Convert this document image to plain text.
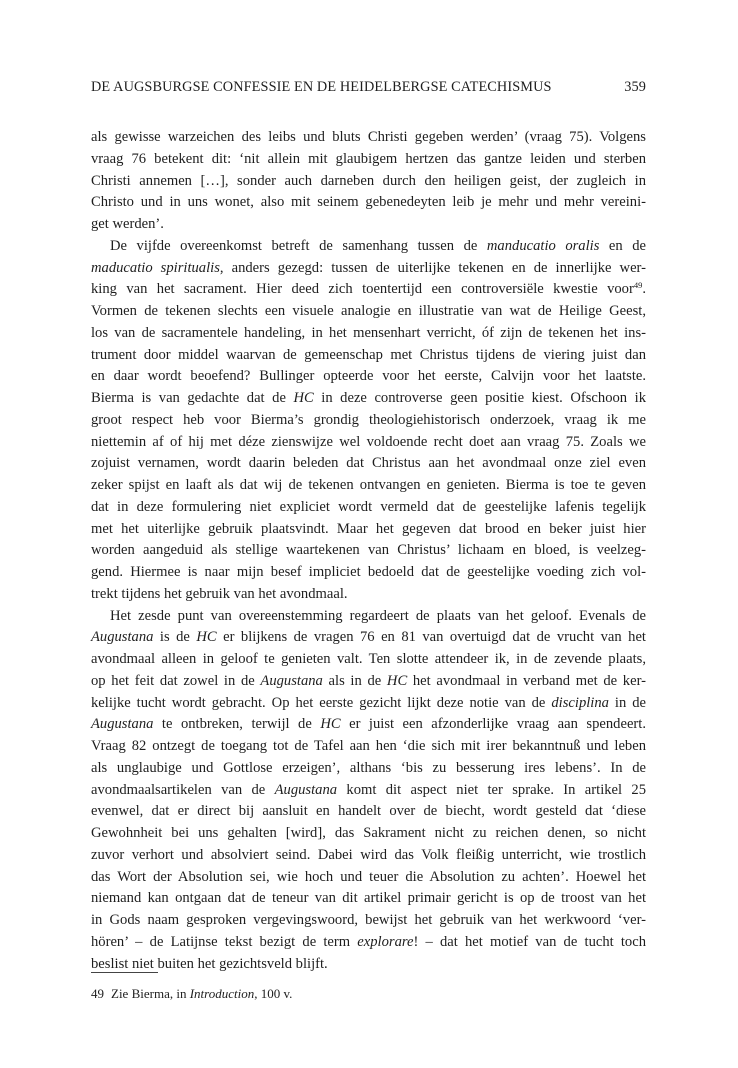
DE AUGSBURGSE CONFESSIE EN DE HEIDELBERGSE CATECHISMUS	359
als gewisse warzeichen des leibs und bluts Christi gegeben werden’ (vraag 75). Volgens
vraag 76 betekent dit: ‘nit allein mit glaubigem hertzen das gantze leiden und sterben
Christi annemen […], sonder auch darneben durch den heiligen geist, der zugleich in
Christo und in uns wonet, also mit seinem gebenedeyten leib je mehr und mehr vereini-
get werden’.
De vijfde overeenkomst betreft de samenhang tussen de manducatio oralis en de
maducatio spiritualis, anders gezegd: tussen de uiterlijke tekenen en de innerlijke wer-
king van het sacrament. Hier deed zich toentertijd een controversiële kwestie voor$^{49}$.
Vormen de tekenen slechts een visuele analogie en illustratie van wat de Heilige Geest,
los van de sacramentele handeling, in het mensenhart verricht, óf zijn de tekenen het ins-
trument door middel waarvan de gemeenschap met Christus tijdens de viering juist dan
en daar wordt beoefend? Bullinger opteerde voor het eerste, Calvijn voor het laatste.
Bierma is van gedachte dat de HC in deze controverse geen positie kiest. Ofschoon ik
groot respect heb voor Bierma’s grondig theologiehistorisch onderzoek, vraag ik me
niettemin af of hij met déze zienswijze wel voldoende recht doet aan vraag 75. Zoals we
zojuist vernamen, wordt daarin beleden dat Christus aan het avondmaal onze ziel even
zeker spijst en laaft als dat wij de tekenen ontvangen en genieten. Bierma is toe te geven
dat in deze formulering niet expliciet wordt vermeld dat de geestelijke lafenis tegelijk
met het uiterlijke gebruik plaatsvindt. Maar het gegeven dat brood en beker juist hier
worden aangeduid als stellige waartekenen van Christus’ lichaam en bloed, is veelzeg-
gend. Hiermee is naar mijn besef impliciet bedoeld dat de geestelijke voeding zich vol-
trekt tijdens het gebruik van het avondmaal.
Het zesde punt van overeenstemming regardeert de plaats van het geloof. Evenals de
Augustana is de HC er blijkens de vragen 76 en 81 van overtuigd dat de vrucht van het
avondmaal alleen in geloof te genieten valt. Ten slotte attendeer ik, in de zevende plaats,
op het feit dat zowel in de Augustana als in de HC het avondmaal in verband met de ker-
kelijke tucht wordt gebracht. Op het eerste gezicht lijkt deze notie van de disciplina in de
Augustana te ontbreken, terwijl de HC er juist een afzonderlijke vraag aan spendeert.
Vraag 82 ontzegt de toegang tot de Tafel aan hen ‘die sich mit irer bekanntnuß und leben
als unglaubige und Gottlose erzeigen’, althans ‘bis zu besserung ires lebens’. In de
avondmaalsartikelen van de Augustana komt dit aspect niet ter sprake. In artikel 25
evenwel, dat er direct bij aansluit en handelt over de biecht, wordt gesteld dat ‘diese
Gewohnheit bei uns gehalten [wird], das Sakrament nicht zu reichen denen, so nicht
zuvor verhort und absolviert seind. Dabei wird das Volk fleißig unterricht, wie trostlich
das Wort der Absolution sei, wie hoch und teuer die Absolution zu achten’. Hoewel het
niemand kan ontgaan dat de teneur van dit artikel primair gericht is op de troost van het
in Gods naam gesproken vergevingswoord, bewijst het gebruik van het werkwoord ‘ver-
hören’ – de Latijnse tekst bezigt de term explorare! – dat het motief van de tucht toch
beslist niet buiten het gezichtsveld blijft.
49 Zie Bierma, in Introduction, 100 v.
